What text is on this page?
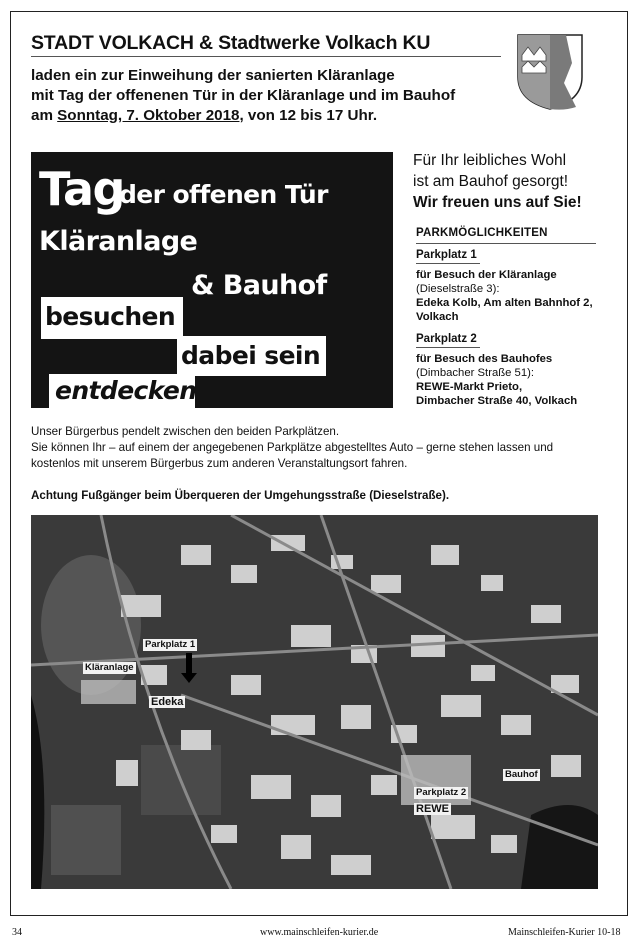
STADT VOLKACH & Stadtwerke Volkach KU
laden ein zur Einweihung der sanierten Kläranlage
mit Tag der offenenen Tür in der Kläranlage und im Bauhof
am Sonntag, 7. Oktober 2018, von 12 bis 17 Uhr.
Tag
der offenen Tür
Kläranlage
& Bauhof
besuchen
dabei sein
entdecken
Für Ihr leibliches Wohl
ist am Bauhof gesorgt!
Wir freuen uns auf Sie!
PARKMÖGLICHKEITEN
Parkplatz 1
für Besuch der Kläranlage
(Dieselstraße 3):
Edeka Kolb, Am alten Bahnhof 2,
Volkach
Parkplatz 2
für Besuch des Bauhofes
(Dimbacher Straße 51):
REWE-Markt Prieto,
Dimbacher Straße 40, Volkach
Unser Bürgerbus pendelt zwischen den beiden Parkplätzen.
Sie können Ihr – auf einem der angegebenen Parkplätze abgestelltes Auto – gerne stehen lassen und
kostenlos mit unserem Bürgerbus zum anderen Veranstaltungsort fahren.
Achtung Fußgänger beim Überqueren der Umgehungsstraße (Dieselstraße).
Parkplatz 1
Kläranlage
Edeka
Parkplatz 2
REWE
Bauhof
34	www.mainschleifen-kurier.de	Mainschleifen-Kurier 10-18
